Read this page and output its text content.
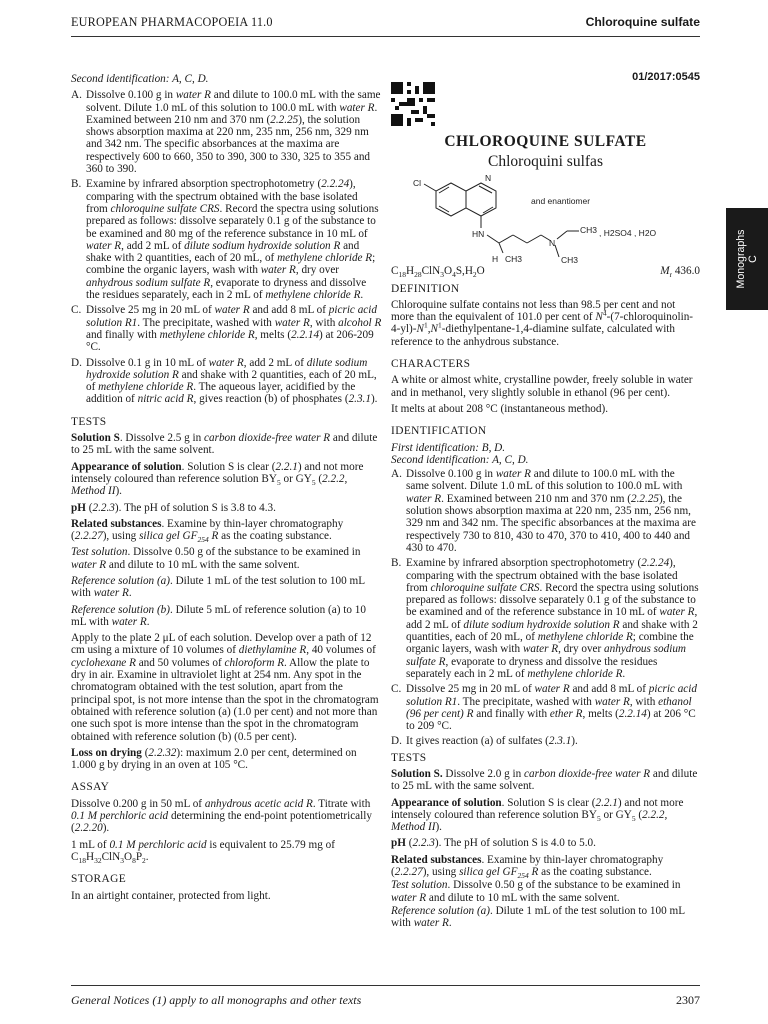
EUROPEAN PHARMACOPOEIA 11.0	Chloroquine sulfate
Monographs
C

Second identification: A, C, D.

A. Dissolve 0.100 g in water R and dilute to 100.0 mL with the same solvent. Dilute 1.0 mL of this solution to 100.0 mL with water R. Examined between 210 nm and 370 nm (2.2.25), the solution shows absorption maxima at 220 nm, 235 nm, 256 nm, 329 nm and 342 nm. The specific absorbances at the maxima are respectively 600 to 660, 350 to 390, 300 to 330, 325 to 355 and 360 to 390.
B. Examine by infrared absorption spectrophotometry (2.2.24), comparing with the spectrum obtained with the base isolated from chloroquine sulfate CRS. Record the spectra using solutions prepared as follows: dissolve separately 0.1 g of the substance to be examined and 80 mg of the reference substance in 10 mL of water R, add 2 mL of dilute sodium hydroxide solution R and shake with 2 quantities, each of 20 mL, of methylene chloride R; combine the organic layers, wash with water R, dry over anhydrous sodium sulfate R, evaporate to dryness and dissolve the residues separately, each in 2 mL of methylene chloride R.
C. Dissolve 25 mg in 20 mL of water R and add 8 mL of picric acid solution R1. The precipitate, washed with water R, with alcohol R and finally with methylene chloride R, melts (2.2.14) at 206-209 °C.
D. Dissolve 0.1 g in 10 mL of water R, add 2 mL of dilute sodium hydroxide solution R and shake with 2 quantities, each of 20 mL, of methylene chloride R. The aqueous layer, acidified by the addition of nitric acid R, gives reaction (b) of phosphates (2.3.1).
TESTS

Solution S. Dissolve 2.5 g in carbon dioxide-free water R and dilute to 25 mL with the same solvent.

Appearance of solution. Solution S is clear (2.2.1) and not more intensely coloured than reference solution $BY_5$ or $GY_5$ (2.2.2, Method II).

pH (2.2.3). The pH of solution S is 3.8 to 4.3.

Related substances. Examine by thin-layer chromatography (2.2.27), using silica gel $GF_{254}$ R as the coating substance.

Test solution. Dissolve 0.50 g of the substance to be examined in water R and dilute to 10 mL with the same solvent.

Reference solution (a). Dilute 1 mL of the test solution to 100 mL with water R.

Reference solution (b). Dilute 5 mL of reference solution (a) to 10 mL with water R.

Apply to the plate 2 μL of each solution. Develop over a path of 12 cm using a mixture of 10 volumes of diethylamine R, 40 volumes of cyclohexane R and 50 volumes of chloroform R. Allow the plate to dry in air. Examine in ultraviolet light at 254 nm. Any spot in the chromatogram obtained with the test solution, apart from the principal spot, is not more intense than the spot in the chromatogram obtained with reference solution (a) (1.0 per cent) and not more than one such spot is more intense than the spot in the chromatogram obtained with reference solution (b) (0.5 per cent).

Loss on drying (2.2.32): maximum 2.0 per cent, determined on 1.000 g by drying in an oven at 105 °C.

ASSAY

Dissolve 0.200 g in 50 mL of anhydrous acetic acid R. Titrate with 0.1 M perchloric acid determining the end-point potentiometrically (2.2.20).

1 mL of 0.1 M perchloric acid is equivalent to 25.79 mg of $C_{18}H_{32}ClN_3O_8P_2$.

STORAGE

In an airtight container, protected from light.

01/2017:0545
CHLOROQUINE SULFATE
Chloroquini sulfas
Cl	N
HN
H CH3
N
CH3
CH3
and enantiomer
, H2SO4 , H2O
$C_{18}H_{28}ClN_3O_4S,H_2O$	$M_r$ 436.0
DEFINITION

Chloroquine sulfate contains not less than 98.5 per cent and not more than the equivalent of 101.0 per cent of $N^4-(7-chloroquinolin-4-yl)-N^1,N^1-diethylpentane-1,4$-diamine sulfate, calculated with reference to the anhydrous substance.

CHARACTERS

A white or almost white, crystalline powder, freely soluble in water and in methanol, very slightly soluble in ethanol (96 per cent).

It melts at about 208 °C (instantaneous method).

IDENTIFICATION

First identification: B, D.

Second identification: A, C, D.

A. Dissolve 0.100 g in water R and dilute to 100.0 mL with the same solvent. Dilute 1.0 mL of this solution to 100.0 mL with water R. Examined between 210 nm and 370 nm (2.2.25), the solution shows absorption maxima at 220 nm, 235 nm, 256 nm, 329 nm and 342 nm. The specific absorbances at the maxima are respectively 730 to 810, 430 to 470, 370 to 410, 400 to 440 and 430 to 470.
B. Examine by infrared absorption spectrophotometry (2.2.24), comparing with the spectrum obtained with the base isolated from chloroquine sulfate CRS. Record the spectra using solutions prepared as follows: dissolve separately 0.1 g of the substance to be examined and of the reference substance in 10 mL of water R, add 2 mL of dilute sodium hydroxide solution R and shake with 2 quantities, each of 20 mL, of methylene chloride R; combine the organic layers, wash with water R, dry over anhydrous sodium sulfate R, evaporate to dryness and dissolve the residues separately each in 2 mL of methylene chloride R.
C. Dissolve 25 mg in 20 mL of water R and add 8 mL of picric acid solution R1. The precipitate, washed with water R, with ethanol (96 per cent) R and finally with ether R, melts (2.2.14) at 206 °C to 209 °C.
D. It gives reaction (a) of sulfates (2.3.1).
TESTS

Solution S. Dissolve 2.0 g in carbon dioxide-free water R and dilute to 25 mL with the same solvent.

Appearance of solution. Solution S is clear (2.2.1) and not more intensely coloured than reference solution $BY_5$ or $GY_5$ (2.2.2, Method II).

pH (2.2.3). The pH of solution S is 4.0 to 5.0.

Related substances. Examine by thin-layer chromatography (2.2.27), using silica gel $GF_{254}$ R as the coating substance.

Test solution. Dissolve 0.50 g of the substance to be examined in water R and dilute to 10 mL with the same solvent.

Reference solution (a). Dilute 1 mL of the test solution to 100 mL with water R.

General Notices (1) apply to all monographs and other texts	2307
